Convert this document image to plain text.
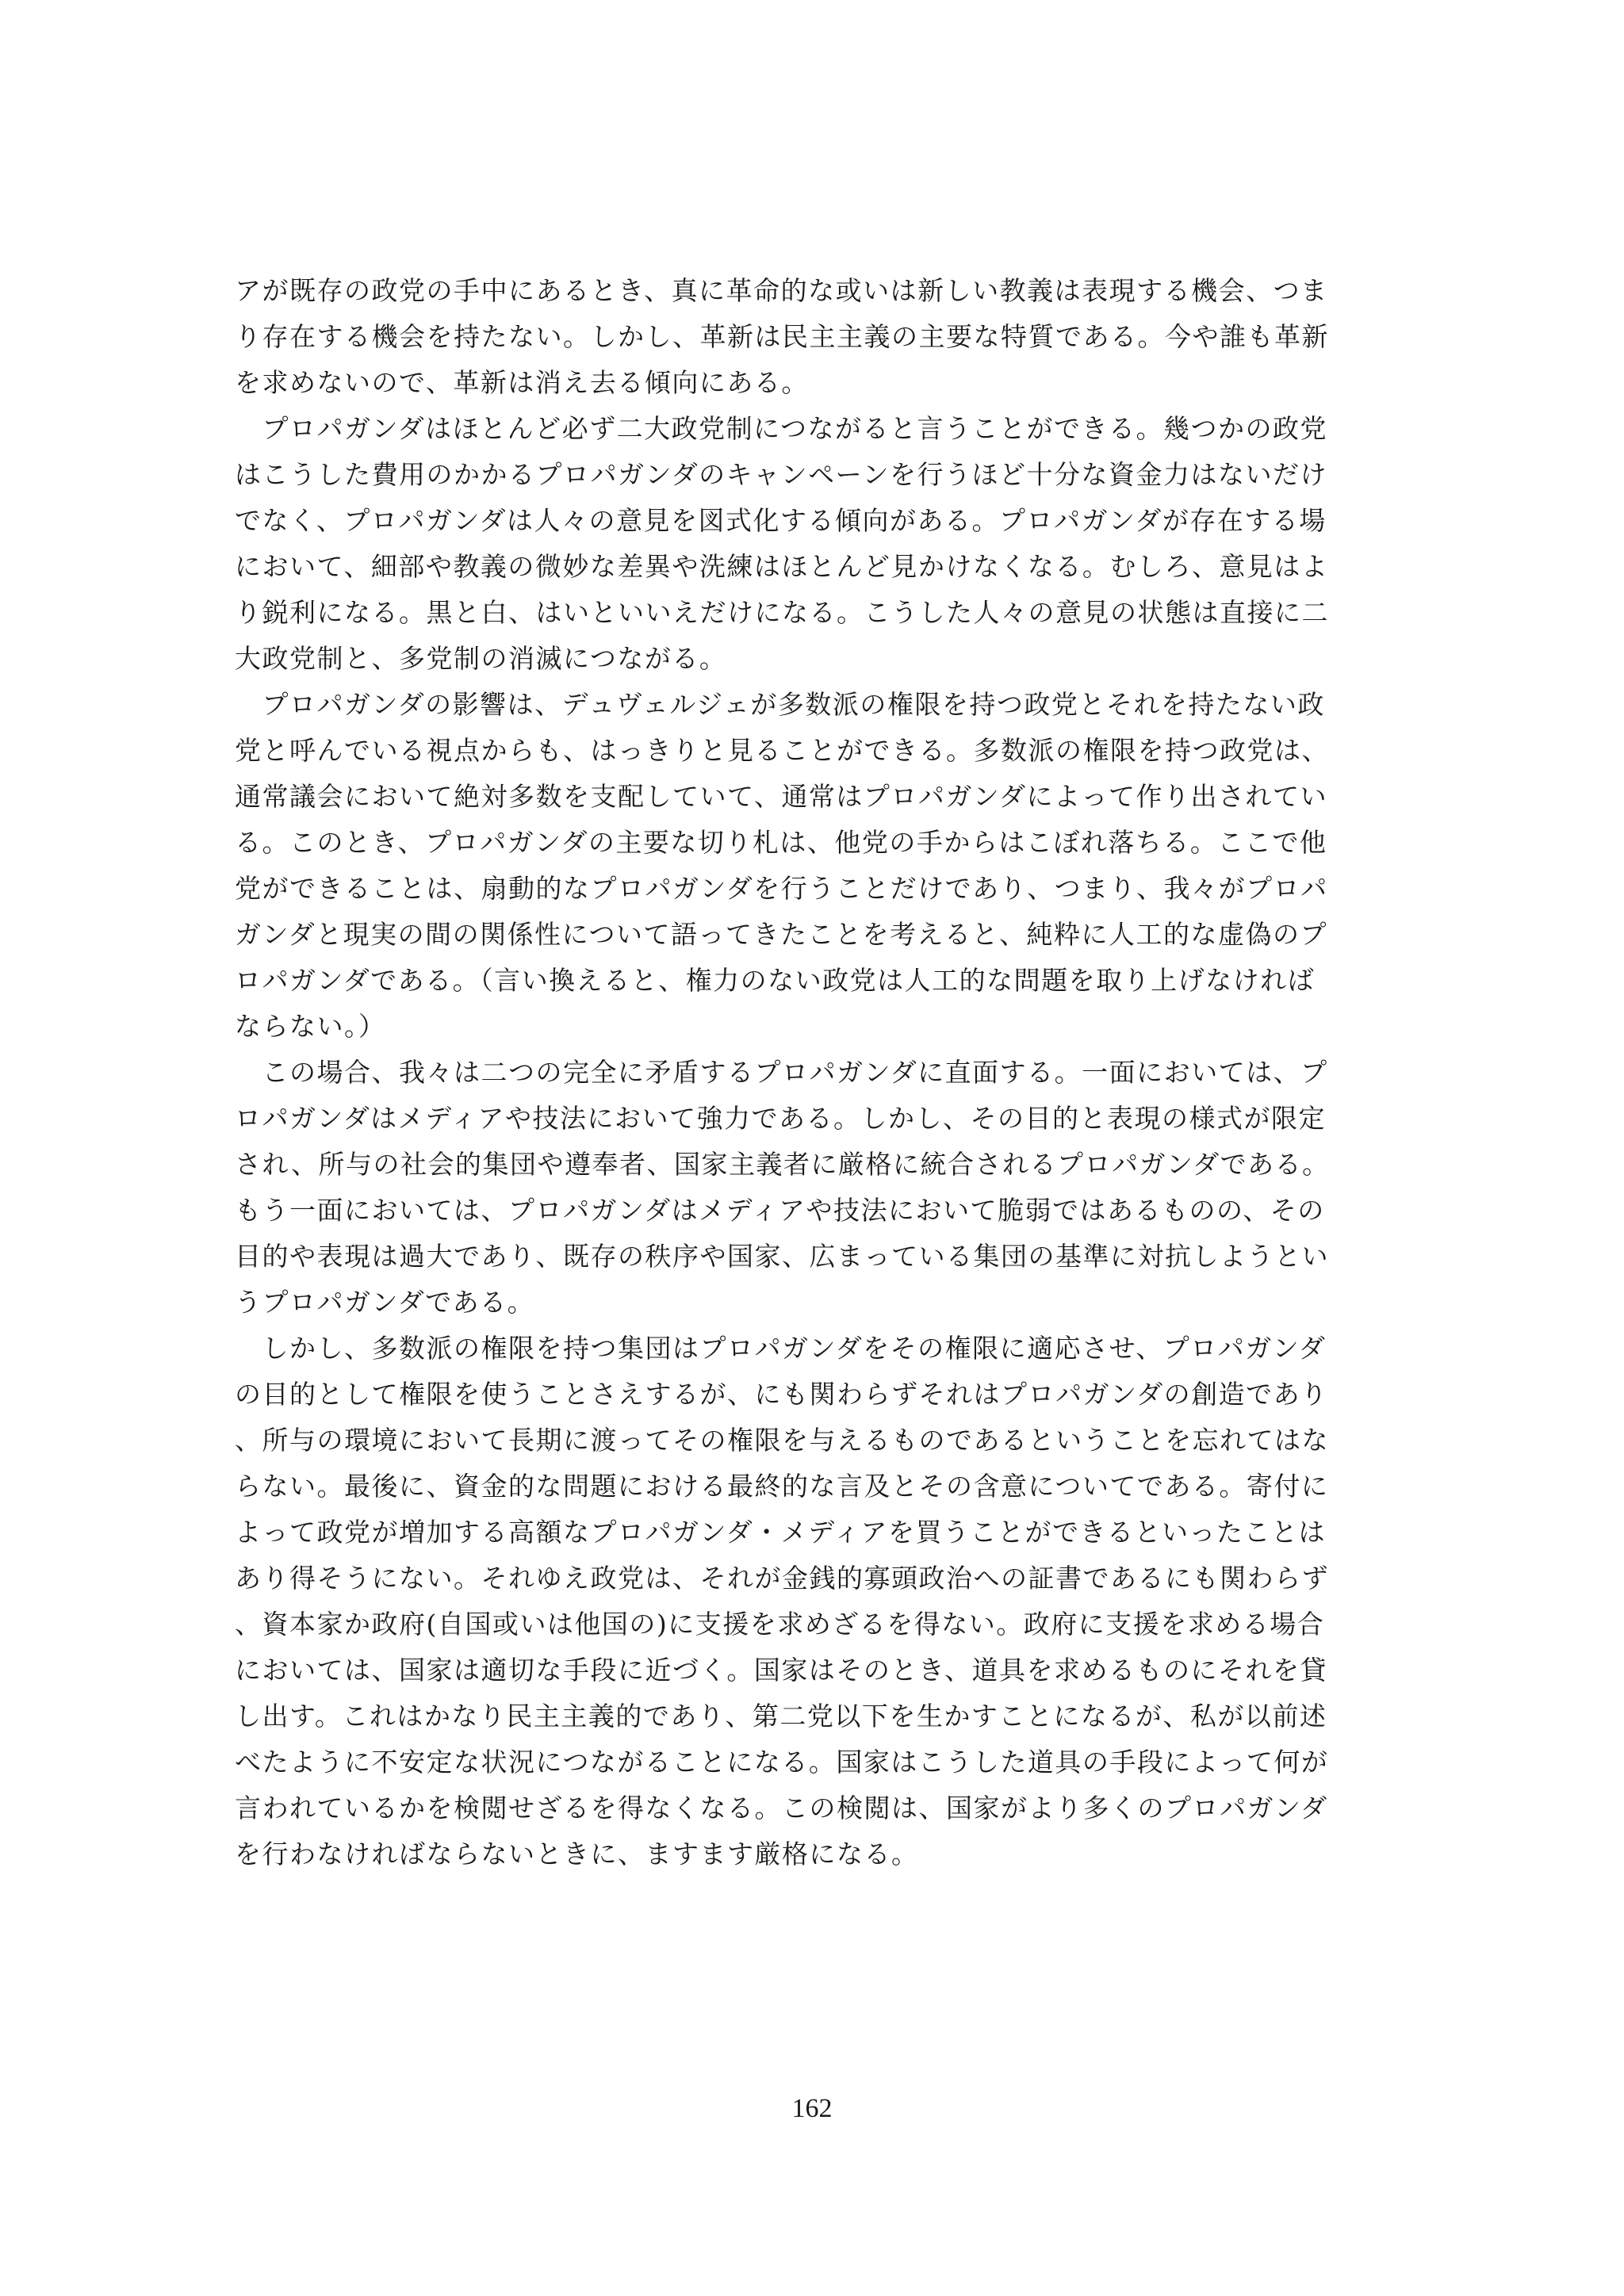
アが既存の政党の手中にあるとき、真に革命的な或いは新しい教義は表現する機会、つま
り存在する機会を持たない。しかし、革新は民主主義の主要な特質である。今や誰も革新
を求めないので、革新は消え去る傾向にある。
　プロパガンダはほとんど必ず二大政党制につながると言うことができる。幾つかの政党
はこうした費用のかかるプロパガンダのキャンペーンを行うほど十分な資金力はないだけ
でなく、プロパガンダは人々の意見を図式化する傾向がある。プロパガンダが存在する場
において、細部や教義の微妙な差異や洗練はほとんど見かけなくなる。むしろ、意見はよ
り鋭利になる。黒と白、はいといいえだけになる。こうした人々の意見の状態は直接に二
大政党制と、多党制の消滅につながる。
　プロパガンダの影響は、デュヴェルジェが多数派の権限を持つ政党とそれを持たない政
党と呼んでいる視点からも、はっきりと見ることができる。多数派の権限を持つ政党は、
通常議会において絶対多数を支配していて、通常はプロパガンダによって作り出されてい
る。このとき、プロパガンダの主要な切り札は、他党の手からはこぼれ落ちる。ここで他
党ができることは、扇動的なプロパガンダを行うことだけであり、つまり、我々がプロパ
ガンダと現実の間の関係性について語ってきたことを考えると、純粋に人工的な虚偽のプ
ロパガンダである。（言い換えると、権力のない政党は人工的な問題を取り上げなければ
ならない。）
　この場合、我々は二つの完全に矛盾するプロパガンダに直面する。一面においては、プ
ロパガンダはメディアや技法において強力である。しかし、その目的と表現の様式が限定
され、所与の社会的集団や遵奉者、国家主義者に厳格に統合されるプロパガンダである。
もう一面においては、プロパガンダはメディアや技法において脆弱ではあるものの、その
目的や表現は過大であり、既存の秩序や国家、広まっている集団の基準に対抗しようとい
うプロパガンダである。
　しかし、多数派の権限を持つ集団はプロパガンダをその権限に適応させ、プロパガンダ
の目的として権限を使うことさえするが、にも関わらずそれはプロパガンダの創造であり
、所与の環境において長期に渡ってその権限を与えるものであるということを忘れてはな
らない。最後に、資金的な問題における最終的な言及とその含意についてである。寄付に
よって政党が増加する高額なプロパガンダ・メディアを買うことができるといったことは
あり得そうにない。それゆえ政党は、それが金銭的寡頭政治への証書であるにも関わらず
、資本家か政府(自国或いは他国の)に支援を求めざるを得ない。政府に支援を求める場合
においては、国家は適切な手段に近づく。国家はそのとき、道具を求めるものにそれを貸
し出す。これはかなり民主主義的であり、第二党以下を生かすことになるが、私が以前述
べたように不安定な状況につながることになる。国家はこうした道具の手段によって何が
言われているかを検閲せざるを得なくなる。この検閲は、国家がより多くのプロパガンダ
を行わなければならないときに、ますます厳格になる。
162
